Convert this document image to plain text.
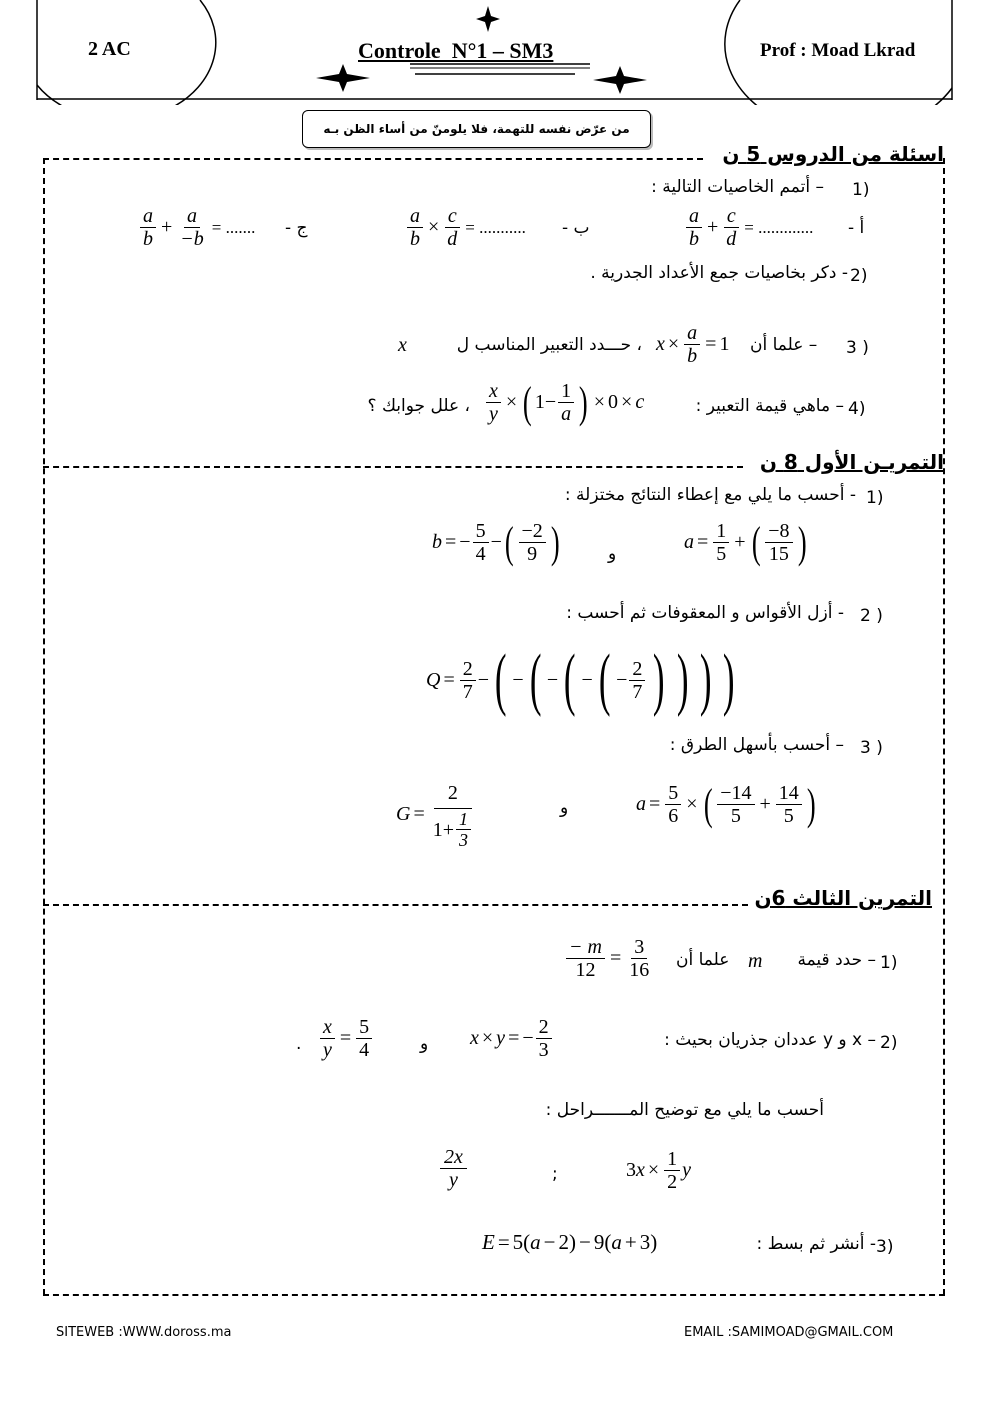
2 AC	Controle  N°1 – SM3	Prof : Moad Lkrad
من عرّض نفسه للتهمة، فلا يلومنّ من أساء الظن بـه
اسئلة من الدروس 5 ن
1)
– أتمم الخاصيات التالية :
أ -
$\frac{a}{b} + \frac{c}{d}$ = .............
ب -
$\frac{a}{b} \times \frac{c}{d}$ = ...........
ج -
$\frac{a}{b} + \frac{a}{-b}$ = .......
2)
- دكر بخاصيات جمع الأعداد الجدرية .
3 )
– علما أن
$x \times \frac{a}{b} = 1$
، حـــدد التعبير المناسب ل
x
4)
– ماهي قيمة التعبير :
$\frac{x}{y}$ × ( $1- \frac{1}{a}$ ) × 0 × c
، علل جوابك ؟
التمريـن الأول 8 ن
1)
- أحسب ما يلي مع إعطاء النتائج مختزلة :
b = − $\frac{5}{4}$ − ( $\frac{-2}{9}$ )	و
$a = \frac{1}{5}$ + ( $\frac{-8}{15}$ )
2 )
- أزل الأقواس و المعقوفات ثم أحسب :
$Q = \frac{2}{7}$ − ( − ( − ( − ( − $\frac{2}{7}$ ) ) ) )
3 )
– أحسب بأسهل الطرق :
$G = \frac{2}{1+ \frac{1}{3}}$	و	$a = \frac{5}{6}$ × ( $\frac{-14}{5} + \frac{14}{5}$ )
التمرين الثالث 6ن
1)
– حدد قيمة
m
علما أن
$\frac{- m}{12} = \frac{3}{16}$
2)
– x و y عددان جذريان بحيث :
x × y = − $\frac{2}{3}$
و
$\frac{x}{y} = \frac{5}{4}$
.
أحسب ما يلي مع توضيح المـــــــراحل :
$\frac{2x}{y}$	;	3 $x \times \frac{1}{2}$ y
3)
- أنشر ثم بسط :
E = 5( a − 2) − 9( a + 3)
SITEWEB :WWW.doross.ma	EMAIL :SAMIMOAD@GMAIL.COM
